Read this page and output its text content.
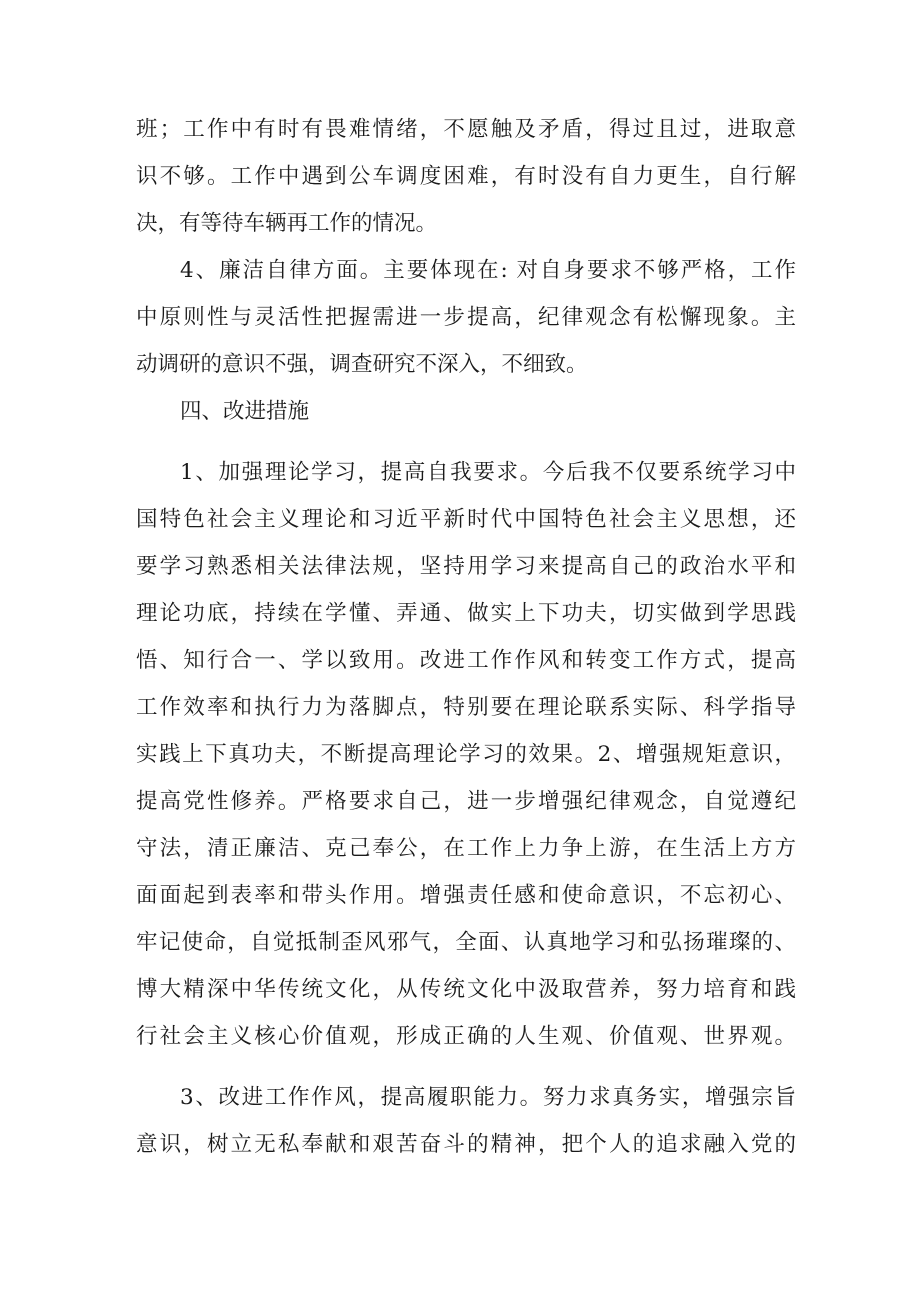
班；工作中有时有畏难情绪，不愿触及矛盾，得过且过，进取意
识不够。工作中遇到公车调度困难，有时没有自力更生，自行解
决，有等待车辆再工作的情况。
4、廉洁自律方面。主要体现在: 对自身要求不够严格，工作
中原则性与灵活性把握需进一步提高，纪律观念有松懈现象。主
动调研的意识不强，调查研究不深入，不细致。
四、改进措施
1、加强理论学习，提高自我要求。今后我不仅要系统学习中
国特色社会主义理论和习近平新时代中国特色社会主义思想，还
要学习熟悉相关法律法规，坚持用学习来提高自己的政治水平和
理论功底，持续在学懂、弄通、做实上下功夫，切实做到学思践
悟、知行合一、学以致用。改进工作作风和转变工作方式，提高
工作效率和执行力为落脚点，特别要在理论联系实际、科学指导
实践上下真功夫，不断提高理论学习的效果。2、增强规矩意识，
提高党性修养。严格要求自己，进一步增强纪律观念，自觉遵纪
守法，清正廉洁、克己奉公，在工作上力争上游，在生活上方方
面面起到表率和带头作用。增强责任感和使命意识，不忘初心、
牢记使命，自觉抵制歪风邪气，全面、认真地学习和弘扬璀璨的、
博大精深中华传统文化，从传统文化中汲取营养，努力培育和践
行社会主义核心价值观，形成正确的人生观、价值观、世界观。
3、改进工作作风，提高履职能力。努力求真务实，增强宗旨
意识，树立无私奉献和艰苦奋斗的精神，把个人的追求融入党的
